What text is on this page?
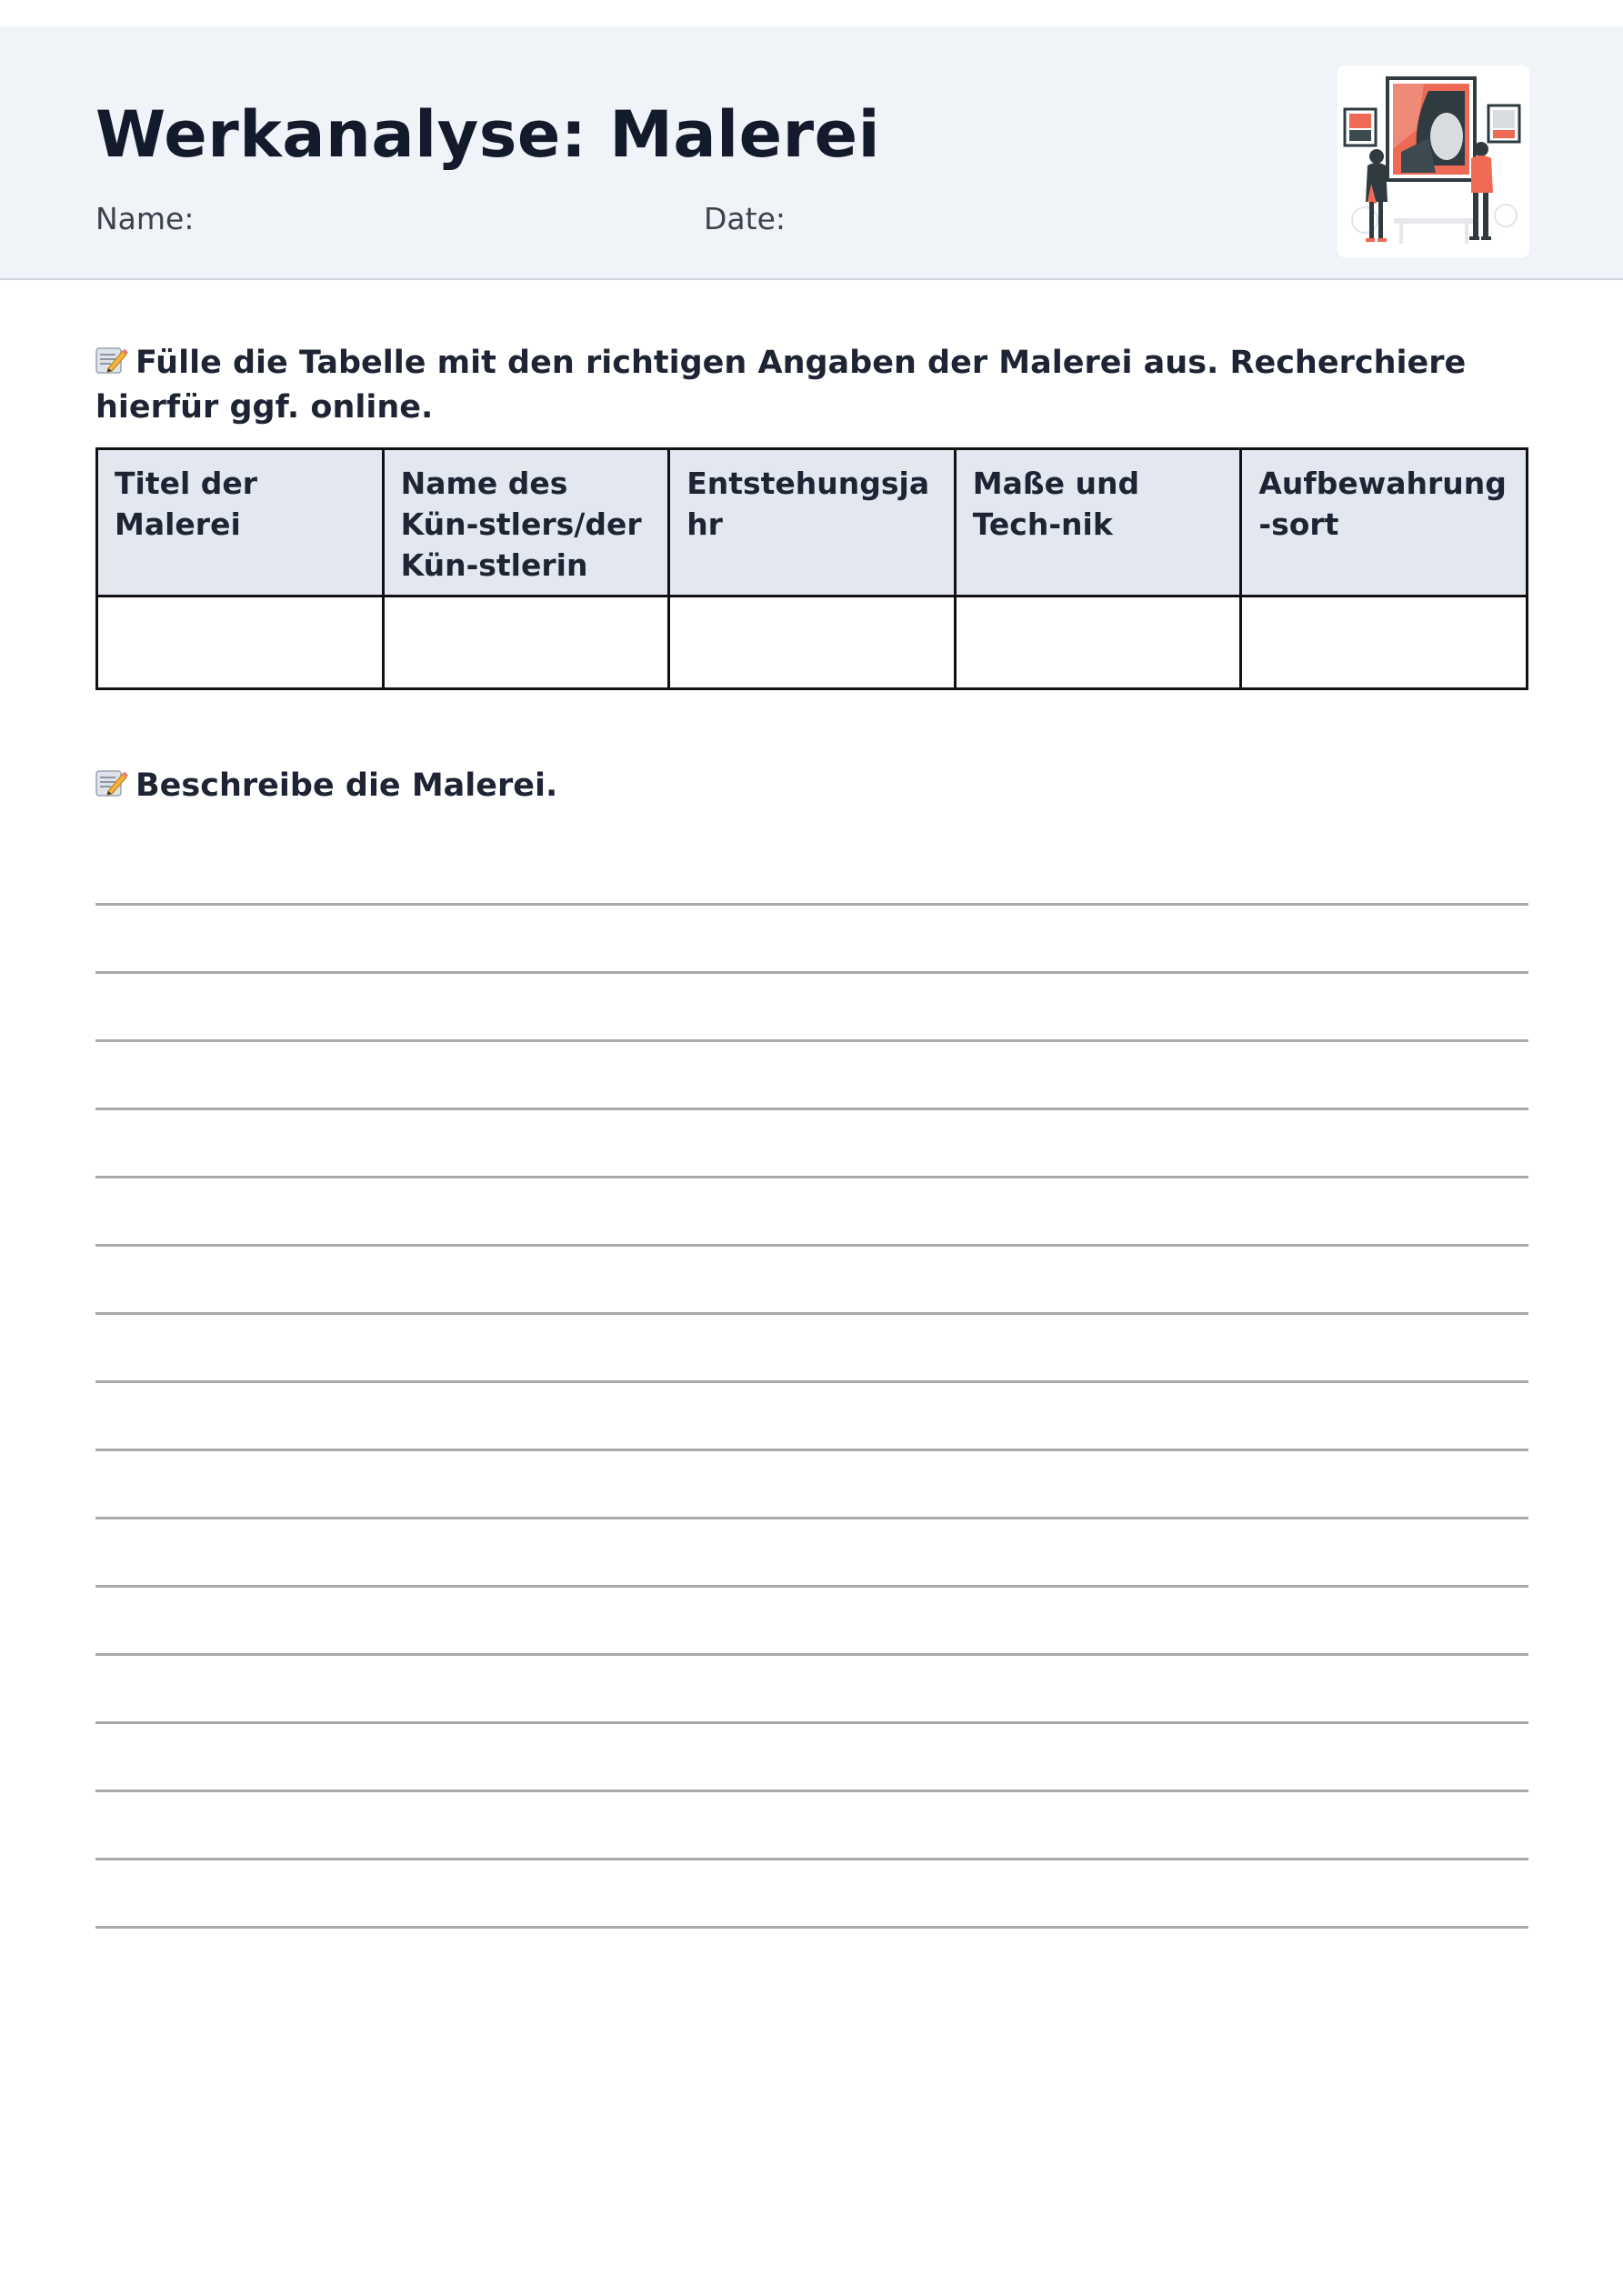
Werkanalyse: Malerei
Name:	Date:
Fülle die Tabelle mit den richtigen Angaben der Malerei aus. Recherchiere hierfür ggf. online.
Titel der Malerei	Name des Kün-stlers/der Kün-stlerin	Entstehungsjahr	Maße und Tech-nik	Aufbewahrung-sort

Beschreibe die Malerei.
